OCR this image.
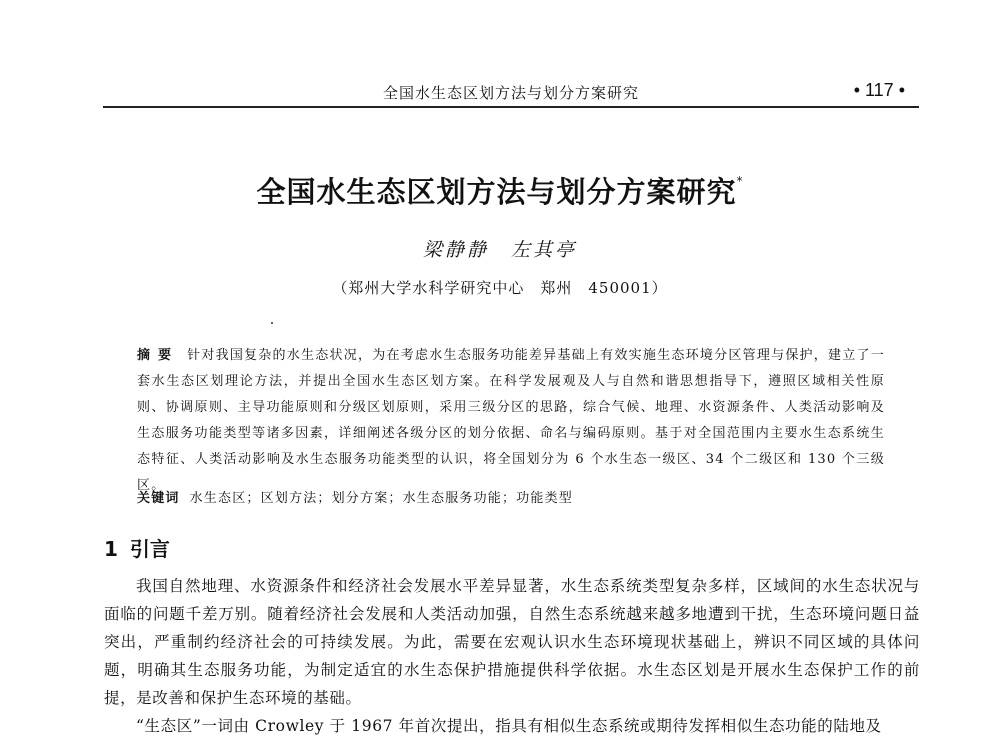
全国水生态区划方法与划分方案研究	• 117 •
全国水生态区划方法与划分方案研究*
梁静静　左其亭
（郑州大学水科学研究中心　郑州　450001）
摘要 针对我国复杂的水生态状况，为在考虑水生态服务功能差异基础上有效实施生态环境分区管理与保护，建立了一套水生态区划理论方法，并提出全国水生态区划方案。在科学发展观及人与自然和谐思想指导下，遵照区域相关性原则、协调原则、主导功能原则和分级区划原则，采用三级分区的思路，综合气候、地理、水资源条件、人类活动影响及生态服务功能类型等诸多因素，详细阐述各级分区的划分依据、命名与编码原则。基于对全国范围内主要水生态系统生态特征、人类活动影响及水生态服务功能类型的认识，将全国划分为 6 个水生态一级区、34 个二级区和 130 个三级区。
关键词 水生态区；区划方法；划分方案；水生态服务功能；功能类型
1 引言

我国自然地理、水资源条件和经济社会发展水平差异显著，水生态系统类型复杂多样，区域间的水生态状况与面临的问题千差万别。随着经济社会发展和人类活动加强，自然生态系统越来越多地遭到干扰，生态环境问题日益突出，严重制约经济社会的可持续发展。为此，需要在宏观认识水生态环境现状基础上，辨识不同区域的具体问题，明确其生态服务功能，为制定适宜的水生态保护措施提供科学依据。水生态区划是开展水生态保护工作的前提，是改善和保护生态环境的基础。

“生态区”一词由 Crowley 于 1967 年首次提出，指具有相似生态系统或期待发挥相似生态功能的陆地及
